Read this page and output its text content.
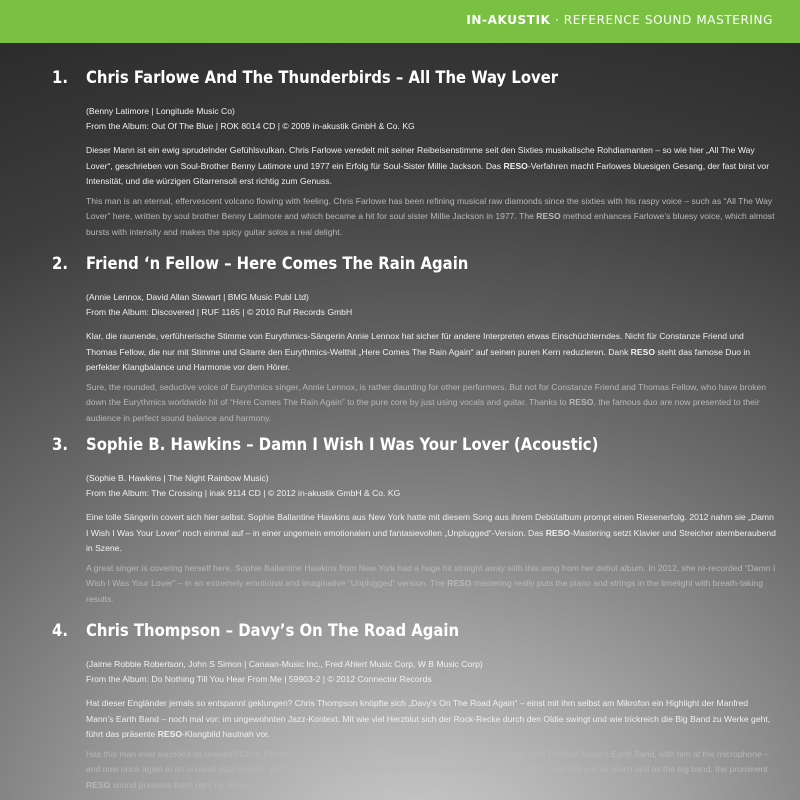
IN-AKUSTIK · REFERENCE SOUND MASTERING
1.	Chris Farlowe And The Thunderbirds – All The Way Lover
(Benny Latimore | Longitude Music Co)
From the Album: Out Of The Blue | ROK 8014 CD | © 2009 in-akustik GmbH & Co. KG
Dieser Mann ist ein ewig sprudelnder Gefühlsvulkan. Chris Farlowe veredelt mit seiner Reibeisenstimme seit den Sixties musikalische Rohdiamanten – so wie hier „All The Way Lover“, geschrieben von Soul-Brother Benny Latimore und 1977 ein Erfolg für Soul-Sister Millie Jackson. Das RESO-Verfahren macht Farlowes bluesigen Gesang, der fast birst vor Intensität, und die würzigen Gitarrensoli erst richtig zum Genuss.
This man is an eternal, effervescent volcano flowing with feeling. Chris Farlowe has been refining musical raw diamonds since the sixties with his raspy voice – such as “All The Way Lover” here, written by soul brother Benny Latimore and which became a hit for soul sister Millie Jackson in 1977. The RESO method enhances Farlowe’s bluesy voice, which almost bursts with intensity and makes the spicy guitar solos a real delight.
2.	Friend ‘n Fellow – Here Comes The Rain Again
(Annie Lennox, David Allan Stewart | BMG Music Publ Ltd)
From the Album: Discovered | RUF 1165 | © 2010 Ruf Records GmbH
Klar, die raunende, verführerische Stimme von Eurythmics-Sängerin Annie Lennox hat sicher für andere Interpreten etwas Einschüchterndes. Nicht für Constanze Friend und Thomas Fellow, die nur mit Stimme und Gitarre den Eurythmics-Welthit „Here Comes The Rain Again“ auf seinen puren Kern reduzieren. Dank RESO steht das famose Duo in perfekter Klangbalance und Harmonie vor dem Hörer.
Sure, the rounded, seductive voice of Eurythmics singer, Annie Lennox, is rather daunting for other performers. But not for Constanze Friend and Thomas Fellow, who have broken down the Eurythmics worldwide hit of “Here Comes The Rain Again” to the pure core by just using vocals and guitar. Thanks to RESO, the famous duo are now presented to their audience in perfect sound balance and harmony.
3.	Sophie B. Hawkins – Damn I Wish I Was Your Lover (Acoustic)
(Sophie B. Hawkins | The Night Rainbow Music)
From the Album: The Crossing | inak 9114 CD | © 2012 in-akustik GmbH & Co. KG
Eine tolle Sängerin covert sich hier selbst. Sophie Ballantine Hawkins aus New York hatte mit diesem Song aus ihrem Debütalbum prompt einen Riesenerfolg. 2012 nahm sie „Damn I Wish I Was Your Lover“ noch einmal auf – in einer ungemein emotionalen und fantasievollen „Unplugged“-Version. Das RESO-Mastering setzt Klavier und Streicher atemberaubend in Szene.
A great singer is covering herself here. Sophie Ballantine Hawkins from New York had a huge hit straight away with this song from her debut album. In 2012, she re-recorded “Damn I Wish I Was Your Lover” – in an extremely emotional and imaginative “Unplugged” version. The RESO mastering really puts the piano and strings in the limelight with breath-taking results.
4.	Chris Thompson – Davy’s On The Road Again
(Jaime Robbie Robertson, John S Simon | Canaan-Music Inc., Fred Ahlert Music Corp, W B Music Corp)
From the Album: Do Nothing Till You Hear From Me | 59903-2 | © 2012 Connector Records
Hat dieser Engländer jemals so entspannt geklungen? Chris Thompson knöpfte sich „Davy’s On The Road Again“ – einst mit ihm selbst am Mikrofon ein Highlight der Manfred Mann’s Earth Band – noch mal vor: im ungewohnten Jazz-Kontext. Mit wie viel Herzblut sich der Rock-Recke durch den Oldie swingt und wie trickreich die Big Band zu Werke geht, führt das präsente RESO-Klangbild hautnah vor.
Has this man ever sounded so relaxed? Chris Thompson once performed “Davy’s On The Road Again” – a highlight from Manfred Mann’s Earth Band, with him at the microphone – and now once again in an unusual jazz context. With as much heart and soul as this rock warrior swings through the oldie and with just as much skill as the big band, the prominent RESO sound presents them right up close.
